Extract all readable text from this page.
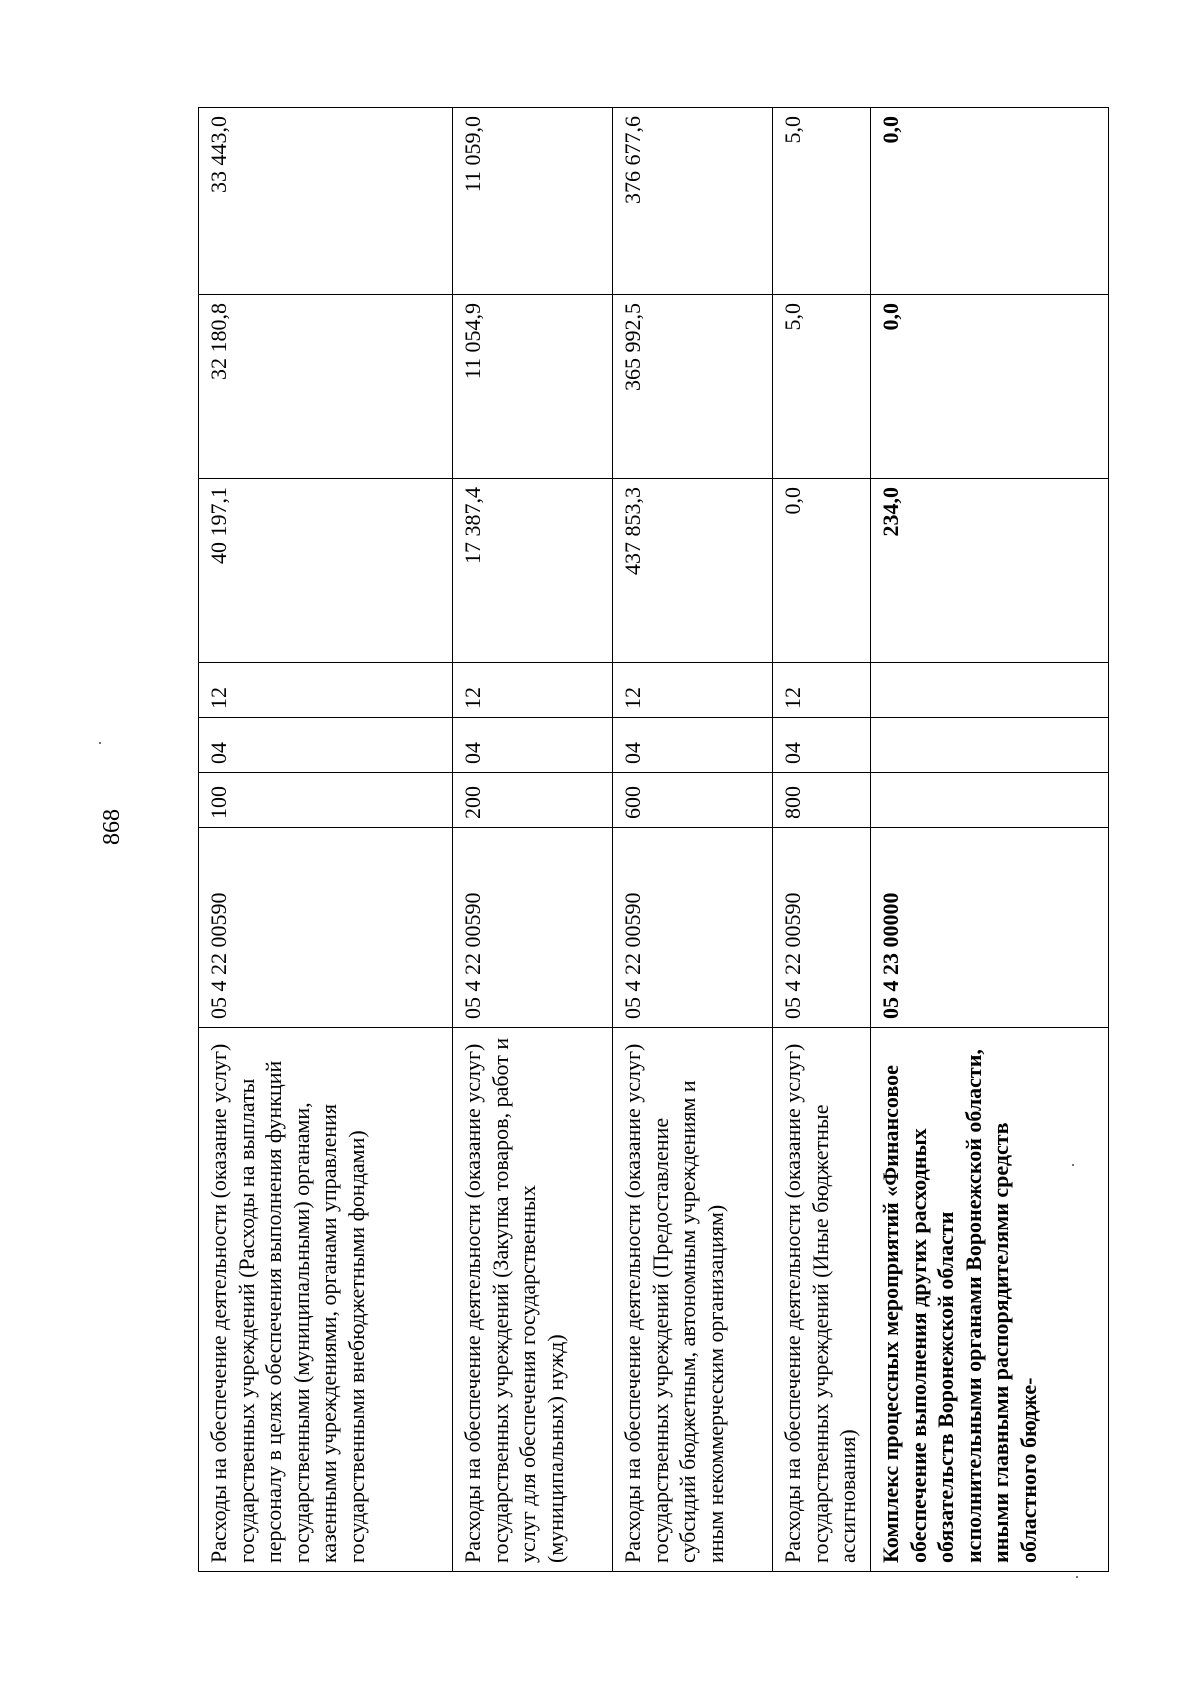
868
Расходы на обеспечение деятельности (оказание услуг) государственных учреждений (Расходы на выплаты персоналу в целях обеспечения выполнения функций государственными (муниципальными) органами, казенными учреждениями, органами управления государственными внебюджетными фондами)	05 4 22 00590	100	04	12	40 197,1	32 180,8	33 443,0
Расходы на обеспечение деятельности (оказание услуг) государственных учреждений (Закупка товаров, работ и услуг для обеспечения государственных (муниципальных) нужд)	05 4 22 00590	200	04	12	17 387,4	11 054,9	11 059,0
Расходы на обеспечение деятельности (оказание услуг) государственных учреждений (Предоставление субсидий бюджетным, автономным учреждениям и иным некоммерческим организациям)	05 4 22 00590	600	04	12	437 853,3	365 992,5	376 677,6
Расходы на обеспечение деятельности (оказание услуг) государственных учреждений (Иные бюджетные ассигнования)	05 4 22 00590	800	04	12	0,0	5,0	5,0
Комплекс процессных мероприятий «Финансовое обеспечение выполнения других расходных обязательств Воронежской области исполнительными органами Воронежской области, иными главными распорядителями средств областного бюдже-	05 4 23 00000				234,0	0,0	0,0
